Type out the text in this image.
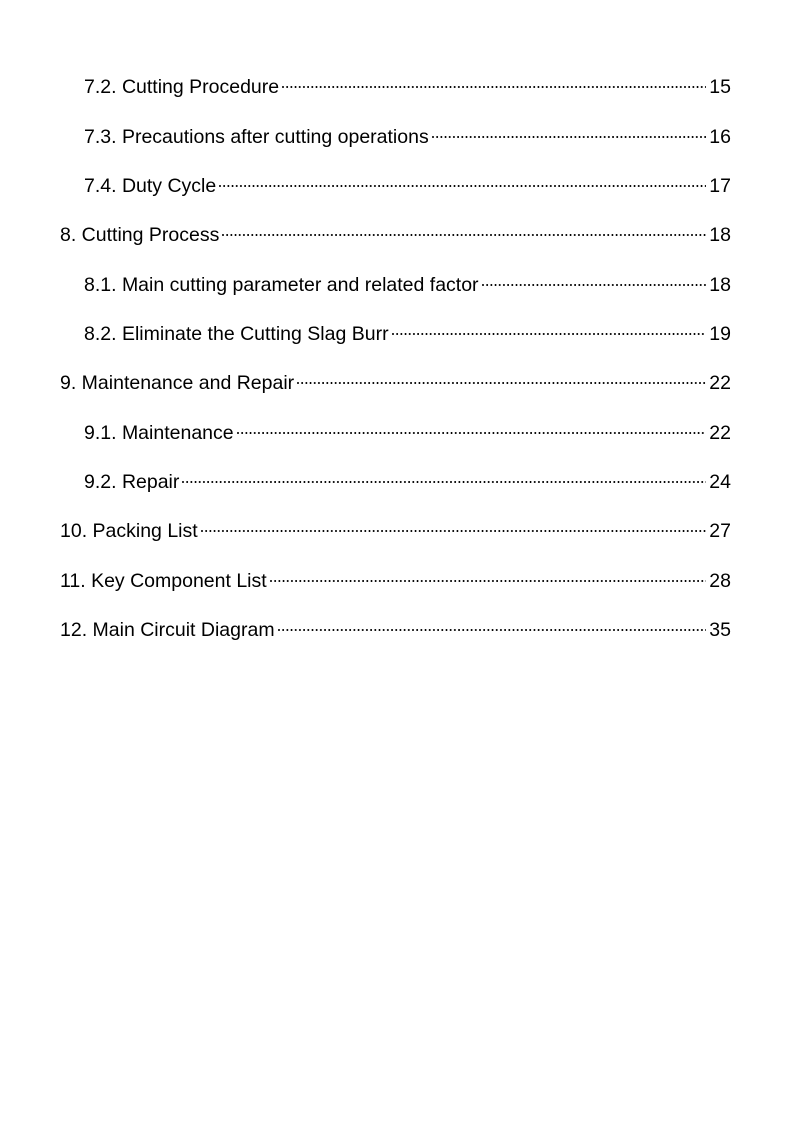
7.2. Cutting Procedure	15
7.3. Precautions after cutting operations	16
7.4. Duty Cycle	17
8. Cutting Process	18
8.1. Main cutting parameter and related factor	18
8.2. Eliminate the Cutting Slag Burr	19
9. Maintenance and Repair	22
9.1. Maintenance	22
9.2. Repair	24
10. Packing List	27
11. Key Component List	28
12. Main Circuit Diagram	35
